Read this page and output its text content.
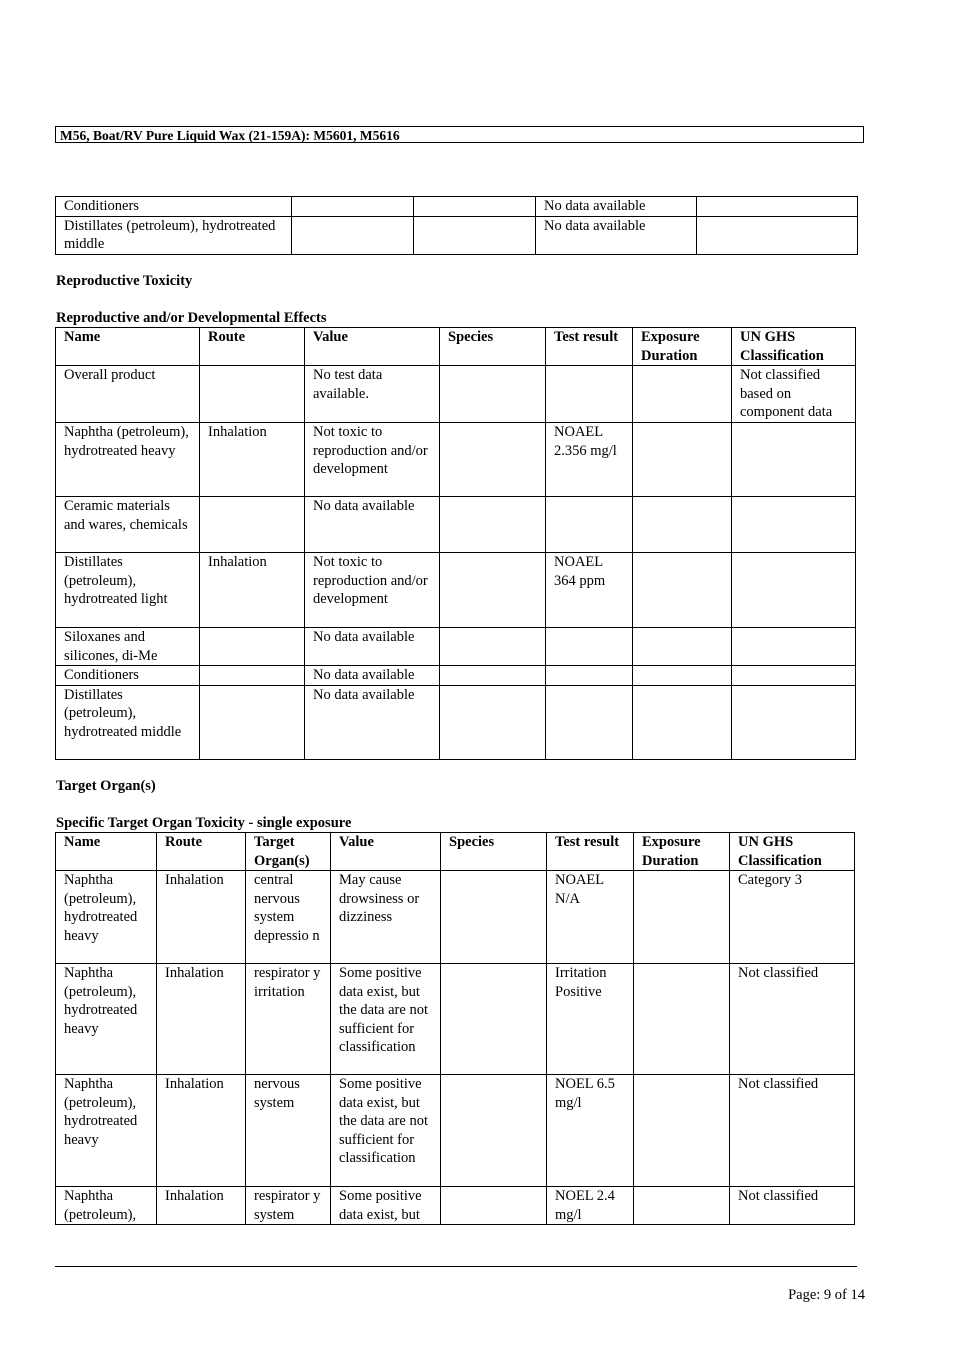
M56, Boat/RV Pure Liquid Wax (21-159A): M5601, M5616
Conditioners			No data available	
Distillates (petroleum), hydrotreated middle			No data available	
Reproductive Toxicity
Reproductive and/or Developmental Effects
Name	Route	Value	Species	Test result	Exposure Duration	UN GHS Classification
Overall product		No test data available.				Not classified based on component data
Naphtha (petroleum), hydrotreated heavy	Inhalation	Not toxic to reproduction and/or development		NOAEL 2.356 mg/l		
Ceramic materials and wares, chemicals		No data available				
Distillates (petroleum), hydrotreated light	Inhalation	Not toxic to reproduction and/or development		NOAEL 364 ppm		
Siloxanes and silicones, di-Me		No data available				
Conditioners		No data available				
Distillates (petroleum), hydrotreated middle		No data available				
Target Organ(s)
Specific Target Organ Toxicity - single exposure
Name	Route	Target Organ(s)	Value	Species	Test result	Exposure Duration	UN GHS Classification
Naphtha (petroleum), hydrotreated heavy	Inhalation	central nervous system depressio n	May cause drowsiness or dizziness		NOAEL N/A		Category 3
Naphtha (petroleum), hydrotreated heavy	Inhalation	respirator y irritation	Some positive data exist, but the data are not sufficient for classification		Irritation Positive		Not classified
Naphtha (petroleum), hydrotreated heavy	Inhalation	nervous system	Some positive data exist, but the data are not sufficient for classification		NOEL 6.5 mg/l		Not classified
Naphtha (petroleum),	Inhalation	respirator y system	Some positive data exist, but		NOEL 2.4 mg/l		Not classified
Page: 9 of 14
